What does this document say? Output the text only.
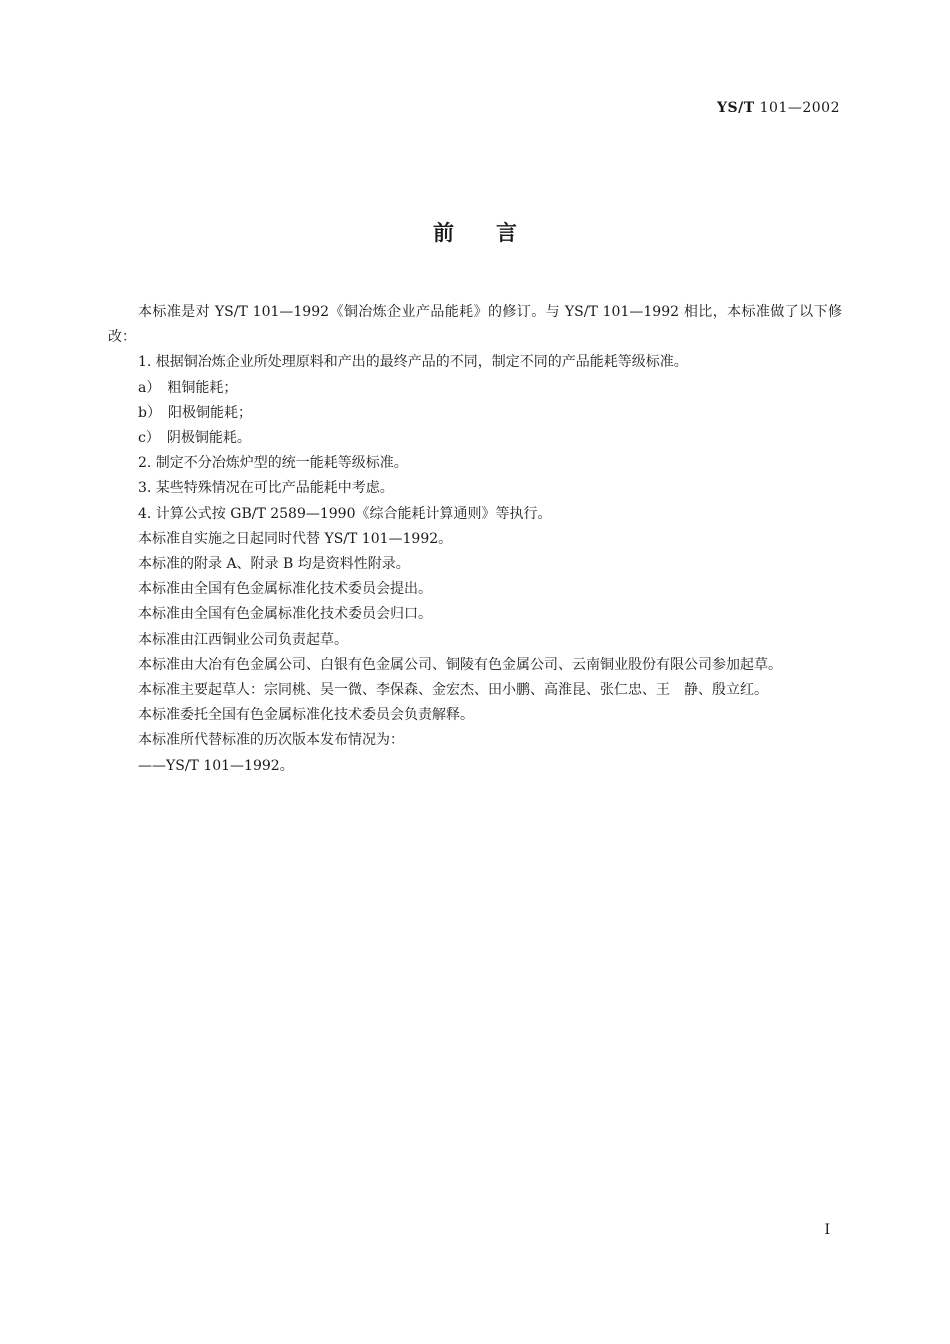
YS/T 101—2002
前言

本标准是对 YS/T 101—1992《铜冶炼企业产品能耗》的修订。与 YS/T 101—1992 相比，本标准做了以下修改：

1. 根据铜冶炼企业所处理原料和产出的最终产品的不同，制定不同的产品能耗等级标准。

a）　粗铜能耗；

b）　阳极铜能耗；

c）　阴极铜能耗。

2. 制定不分冶炼炉型的统一能耗等级标准。

3. 某些特殊情况在可比产品能耗中考虑。

4. 计算公式按 GB/T 2589—1990《综合能耗计算通则》等执行。

本标准自实施之日起同时代替 YS/T 101—1992。

本标准的附录 A、附录 B 均是资料性附录。

本标准由全国有色金属标准化技术委员会提出。

本标准由全国有色金属标准化技术委员会归口。

本标准由江西铜业公司负责起草。

本标准由大冶有色金属公司、白银有色金属公司、铜陵有色金属公司、云南铜业股份有限公司参加起草。

本标准主要起草人：宗同桃、吴一微、李保森、金宏杰、田小鹏、高淮昆、张仁忠、王　静、殷立红。

本标准委托全国有色金属标准化技术委员会负责解释。

本标准所代替标准的历次版本发布情况为：

——YS/T 101—1992。

I
